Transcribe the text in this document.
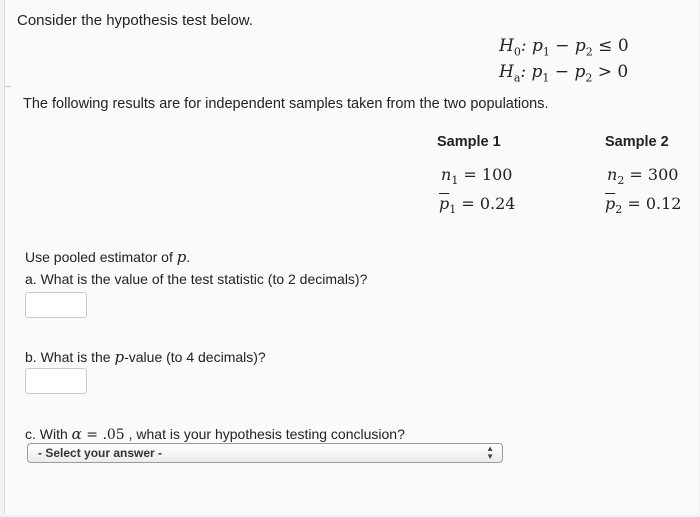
Consider the hypothesis test below.
$H_0$: $p_1 - p_2 \le 0$
$H_a$: $p_1 - p_2 > 0$
The following results are for independent samples taken from the two populations.
Sample 1	Sample 2
$n_1 = 100$	$n_2 = 300$
$\overline{p}_1 = 0.24$	$\overline{p}_2 = 0.12$
Use pooled estimator of p.
a. What is the value of the test statistic (to 2 decimals)?
b. What is the p-value (to 4 decimals)?
c. With α = .05 , what is your hypothesis testing conclusion?
- Select your answer -	▲
▼
